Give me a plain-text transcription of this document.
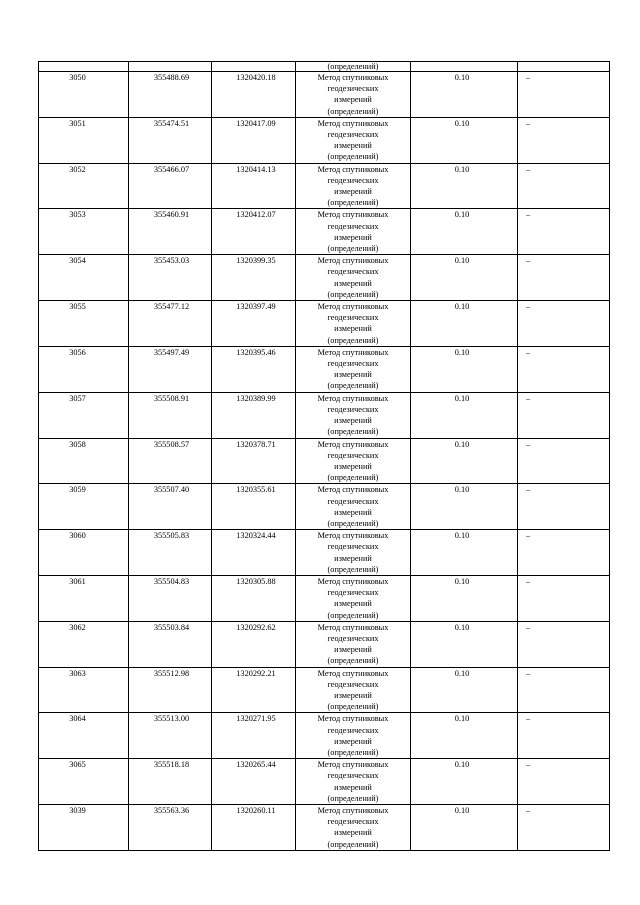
			(определений)		
3050	355488.69	1320420.18	Метод спутниковых
геодезических
измерений
(определений)	0.10	–
3051	355474.51	1320417.09	Метод спутниковых
геодезических
измерений
(определений)	0.10	–
3052	355466.07	1320414.13	Метод спутниковых
геодезических
измерений
(определений)	0.10	–
3053	355460.91	1320412.07	Метод спутниковых
геодезических
измерений
(определений)	0.10	–
3054	355453.03	1320399.35	Метод спутниковых
геодезических
измерений
(определений)	0.10	–
3055	355477.12	1320397.49	Метод спутниковых
геодезических
измерений
(определений)	0.10	–
3056	355497.49	1320395.46	Метод спутниковых
геодезических
измерений
(определений)	0.10	–
3057	355508.91	1320389.99	Метод спутниковых
геодезических
измерений
(определений)	0.10	–
3058	355508.57	1320378.71	Метод спутниковых
геодезических
измерений
(определений)	0.10	–
3059	355507.40	1320355.61	Метод спутниковых
геодезических
измерений
(определений)	0.10	–
3060	355505.83	1320324.44	Метод спутниковых
геодезических
измерений
(определений)	0.10	–
3061	355504.83	1320305.88	Метод спутниковых
геодезических
измерений
(определений)	0.10	–
3062	355503.84	1320292.62	Метод спутниковых
геодезических
измерений
(определений)	0.10	–
3063	355512.98	1320292.21	Метод спутниковых
геодезических
измерений
(определений)	0.10	–
3064	355513.00	1320271.95	Метод спутниковых
геодезических
измерений
(определений)	0.10	–
3065	355518.18	1320265.44	Метод спутниковых
геодезических
измерений
(определений)	0.10	–
3039	355563.36	1320260.11	Метод спутниковых
геодезических
измерений
(определений)	0.10	–
